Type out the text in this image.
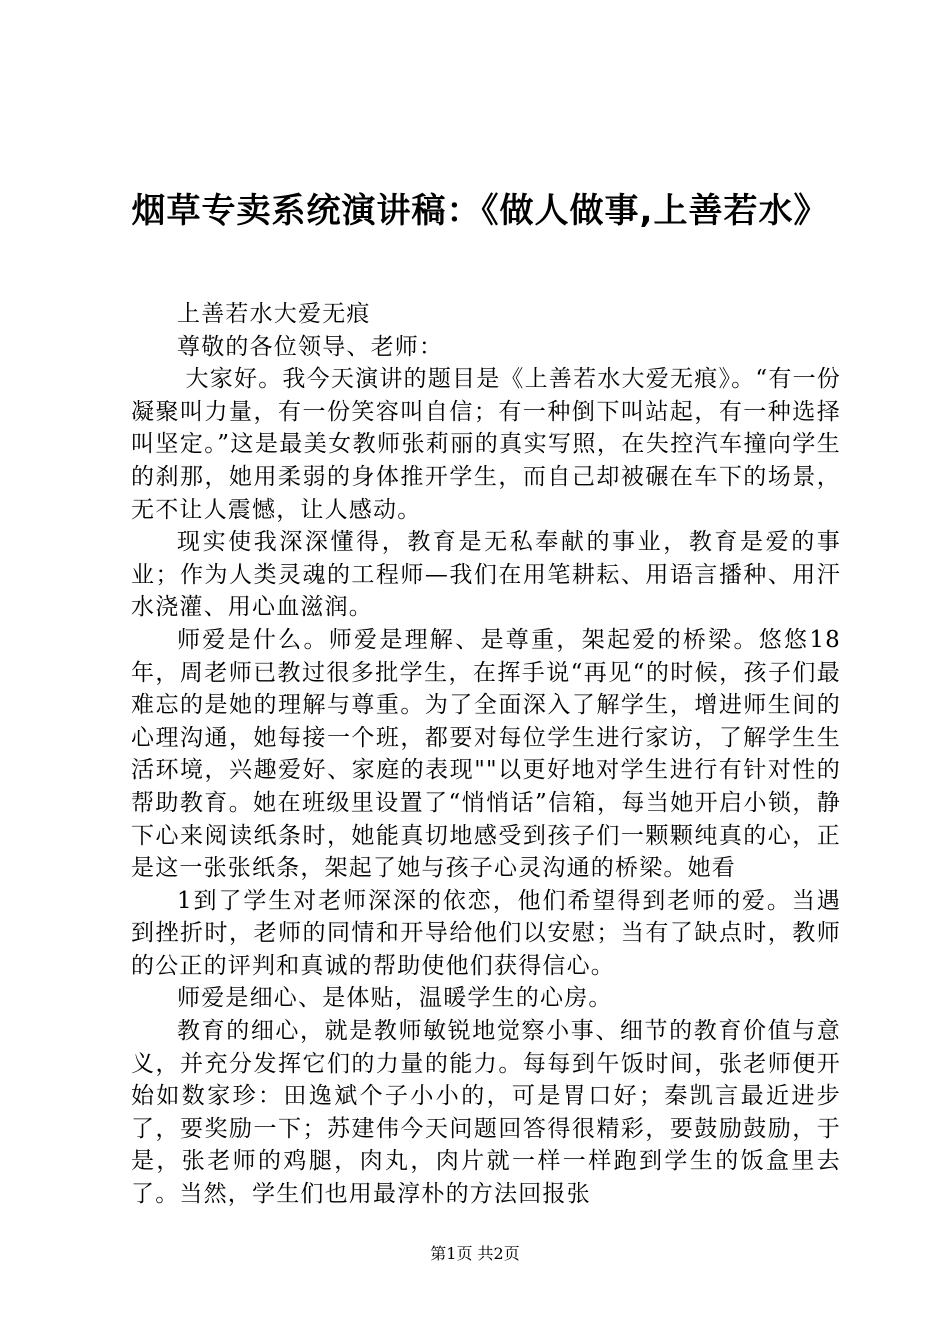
烟草专卖系统演讲稿：《做人做事,上善若水》

上善若水大爱无痕

尊敬的各位领导、老师：

大家好。我今天演讲的题目是《上善若水大爱无痕》。“有一份凝聚叫力量，有一份笑容叫自信；有一种倒下叫站起，有一种选择叫坚定。”这是最美女教师张莉丽的真实写照，在失控汽车撞向学生的刹那，她用柔弱的身体推开学生，而自己却被碾在车下的场景，无不让人震憾，让人感动。

现实使我深深懂得，教育是无私奉献的事业，教育是爱的事业；作为人类灵魂的工程师—我们在用笔耕耘、用语言播种、用汗水浇灌、用心血滋润。

师爱是什么。师爱是理解、是尊重，架起爱的桥梁。悠悠18年，周老师已教过很多批学生，在挥手说“再见“的时候，孩子们最难忘的是她的理解与尊重。为了全面深入了解学生，增进师生间的心理沟通，她每接一个班，都要对每位学生进行家访，了解学生生活环境，兴趣爱好、家庭的表现""以更好地对学生进行有针对性的帮助教育。她在班级里设置了“悄悄话”信箱，每当她开启小锁，静下心来阅读纸条时，她能真切地感受到孩子们一颗颗纯真的心，正是这一张张纸条，架起了她与孩子心灵沟通的桥梁。她看

1到了学生对老师深深的依恋，他们希望得到老师的爱。当遇到挫折时，老师的同情和开导给他们以安慰；当有了缺点时，教师的公正的评判和真诚的帮助使他们获得信心。

师爱是细心、是体贴，温暖学生的心房。

教育的细心，就是教师敏锐地觉察小事、细节的教育价值与意义，并充分发挥它们的力量的能力。每每到午饭时间，张老师便开始如数家珍：田逸斌个子小小的，可是胃口好；秦凯言最近进步了，要奖励一下；苏建伟今天问题回答得很精彩，要鼓励鼓励，于是，张老师的鸡腿，肉丸，肉片就一样一样跑到学生的饭盒里去了。当然，学生们也用最淳朴的方法回报张

第1页 共2页
